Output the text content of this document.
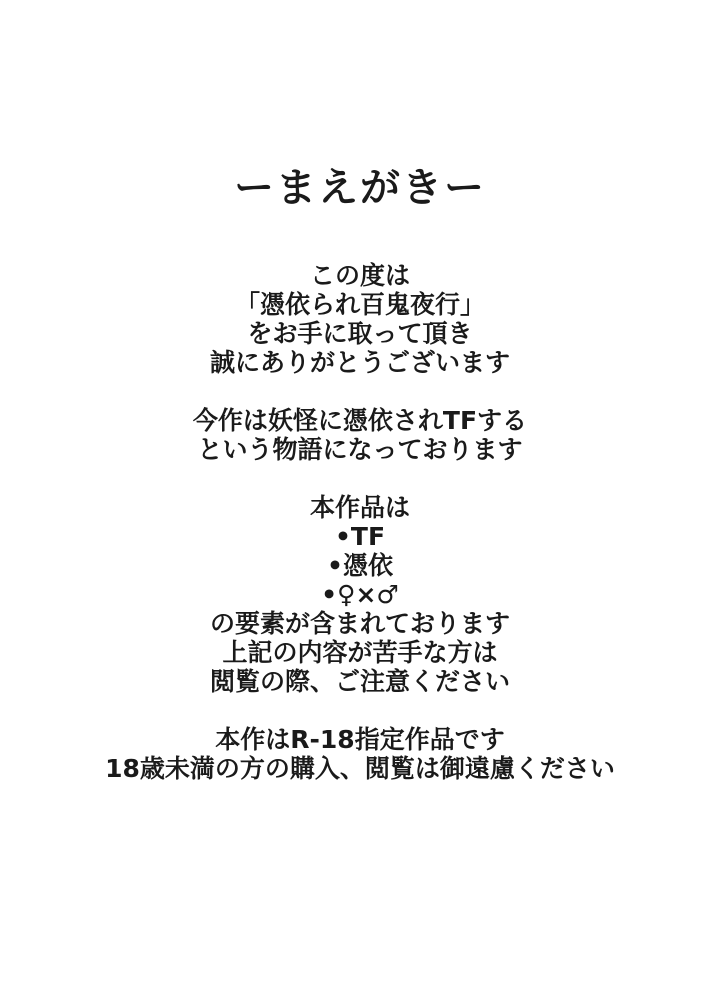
ーまえがきー
この度は
「憑依られ百鬼夜行」
をお手に取って頂き
誠にありがとうございます
今作は妖怪に憑依されTFする
という物語になっております
本作品は
•TF
•憑依
•♀×♂
の要素が含まれております
上記の内容が苦手な方は
閲覧の際、ご注意ください
本作はR-18指定作品です
18歳未満の方の購入、閲覧は御遠慮ください
